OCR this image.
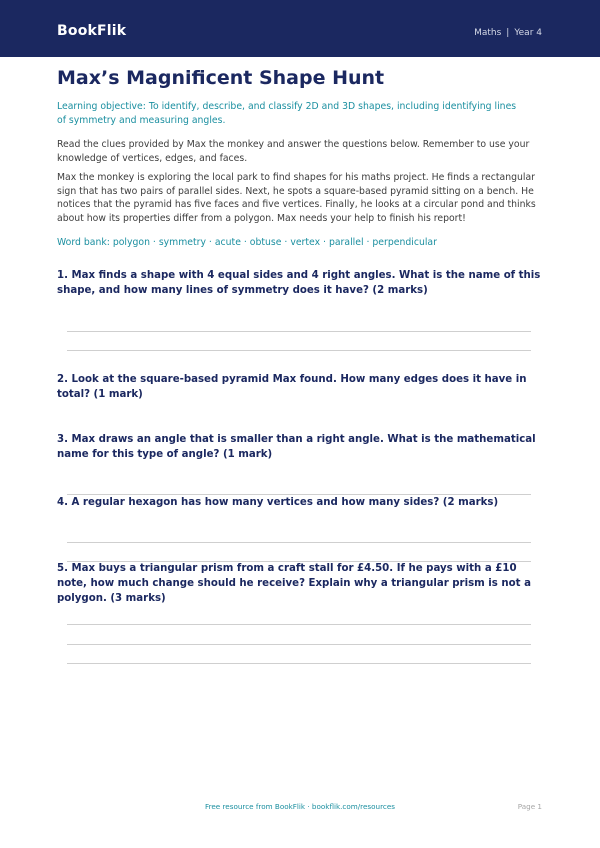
BookFlik	Maths | Year 4
Max’s Magnificent Shape Hunt

Learning objective: To identify, describe, and classify 2D and 3D shapes, including identifying lines of symmetry and measuring angles.

Read the clues provided by Max the monkey and answer the questions below. Remember to use your knowledge of vertices, edges, and faces.

Max the monkey is exploring the local park to find shapes for his maths project. He finds a rectangular sign that has two pairs of parallel sides. Next, he spots a square-based pyramid sitting on a bench. He notices that the pyramid has five faces and five vertices. Finally, he looks at a circular pond and thinks about how its properties differ from a polygon. Max needs your help to finish his report!

Word bank: polygon · symmetry · acute · obtuse · vertex · parallel · perpendicular

1. Max finds a shape with 4 equal sides and 4 right angles. What is the name of this shape, and how many lines of symmetry does it have? (2 marks)

2. Look at the square-based pyramid Max found. How many edges does it have in total? (1 mark)

3. Max draws an angle that is smaller than a right angle. What is the mathematical name for this type of angle? (1 mark)

4. A regular hexagon has how many vertices and how many sides? (2 marks)

5. Max buys a triangular prism from a craft stall for £4.50. If he pays with a £10 note, how much change should he receive? Explain why a triangular prism is not a polygon. (3 marks)

Free resource from BookFlik · bookflik.com/resources	Page 1
